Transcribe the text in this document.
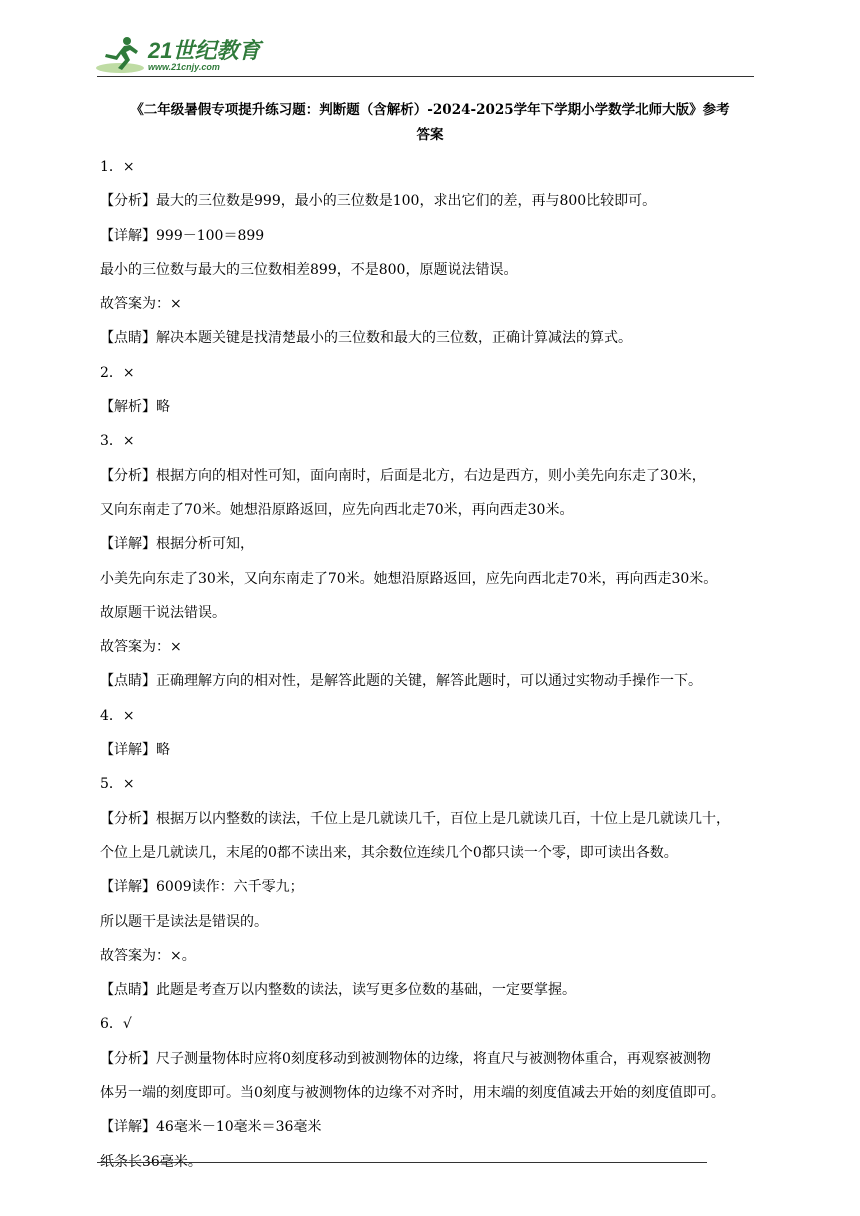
21世纪教育
www.21cnjy.com
《二年级暑假专项提升练习题：判断题（含解析）-2024-2025学年下学期小学数学北师大版》参考
答案
1．×
【分析】最大的三位数是999，最小的三位数是100，求出它们的差，再与800比较即可。
【详解】999－100＝899
最小的三位数与最大的三位数相差899，不是800，原题说法错误。
故答案为：×
【点睛】解决本题关键是找清楚最小的三位数和最大的三位数，正确计算减法的算式。
2．×
【解析】略
3．×
【分析】根据方向的相对性可知，面向南时，后面是北方，右边是西方，则小美先向东走了30米，
又向东南走了70米。她想沿原路返回，应先向西北走70米，再向西走30米。
【详解】根据分析可知，
小美先向东走了30米，又向东南走了70米。她想沿原路返回，应先向西北走70米，再向西走30米。
故原题干说法错误。
故答案为：×
【点睛】正确理解方向的相对性，是解答此题的关键，解答此题时，可以通过实物动手操作一下。
4．×
【详解】略
5．×
【分析】根据万以内整数的读法，千位上是几就读几千，百位上是几就读几百，十位上是几就读几十，
个位上是几就读几，末尾的0都不读出来，其余数位连续几个0都只读一个零，即可读出各数。
【详解】6009读作：六千零九；
所以题干是读法是错误的。
故答案为：×。
【点睛】此题是考查万以内整数的读法，读写更多位数的基础，一定要掌握。
6．√
【分析】尺子测量物体时应将0刻度移动到被测物体的边缘，将直尺与被测物体重合，再观察被测物
体另一端的刻度即可。当0刻度与被测物体的边缘不对齐时，用末端的刻度值减去开始的刻度值即可。
【详解】46毫米－10毫米＝36毫米
纸条长36毫米。
